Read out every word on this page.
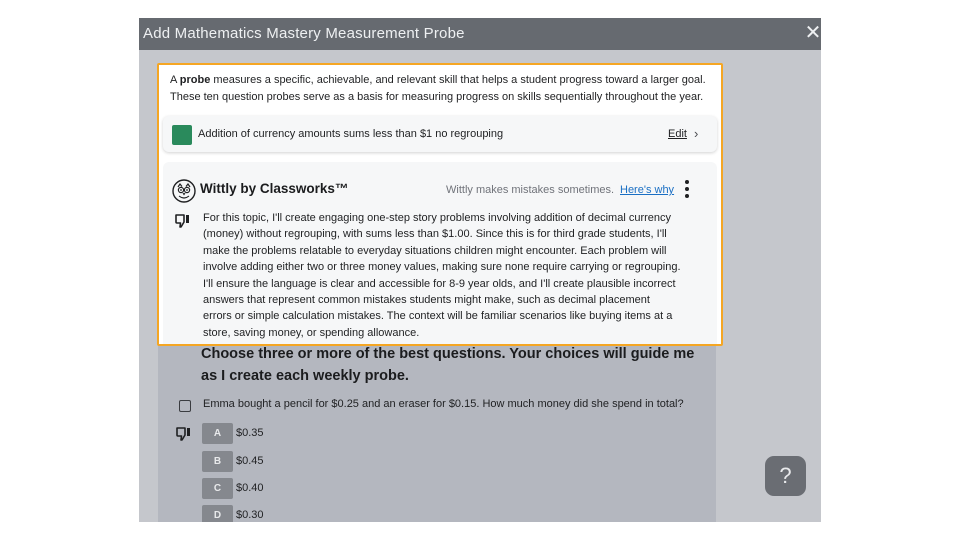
Add Mathematics Mastery Measurement Probe	✕
Choose three or more of the best questions. Your choices will guide me as I create each weekly probe.
Emma bought a pencil for $0.25 and an eraser for $0.15. How much money did she spend in total?
A	$0.35
B	$0.45
C	$0.40
D	$0.30
A probe measures a specific, achievable, and relevant skill that helps a student progress toward a larger goal. These ten question probes serve as a basis for measuring progress on skills sequentially throughout the year.
Addition of currency amounts sums less than $1 no regrouping	Edit ›
Wittly by Classworks™	Wittly makes mistakes sometimes. Here's why
For this topic, I'll create engaging one-step story problems involving addition of decimal currency (money) without regrouping, with sums less than $1.00. Since this is for third grade students, I'll make the problems relatable to everyday situations children might encounter. Each problem will involve adding either two or three money values, making sure none require carrying or regrouping. I'll ensure the language is clear and accessible for 8-9 year olds, and I'll create plausible incorrect answers that represent common mistakes students might make, such as decimal placement errors or simple calculation mistakes. The context will be familiar scenarios like buying items at a store, saving money, or spending allowance.
?
